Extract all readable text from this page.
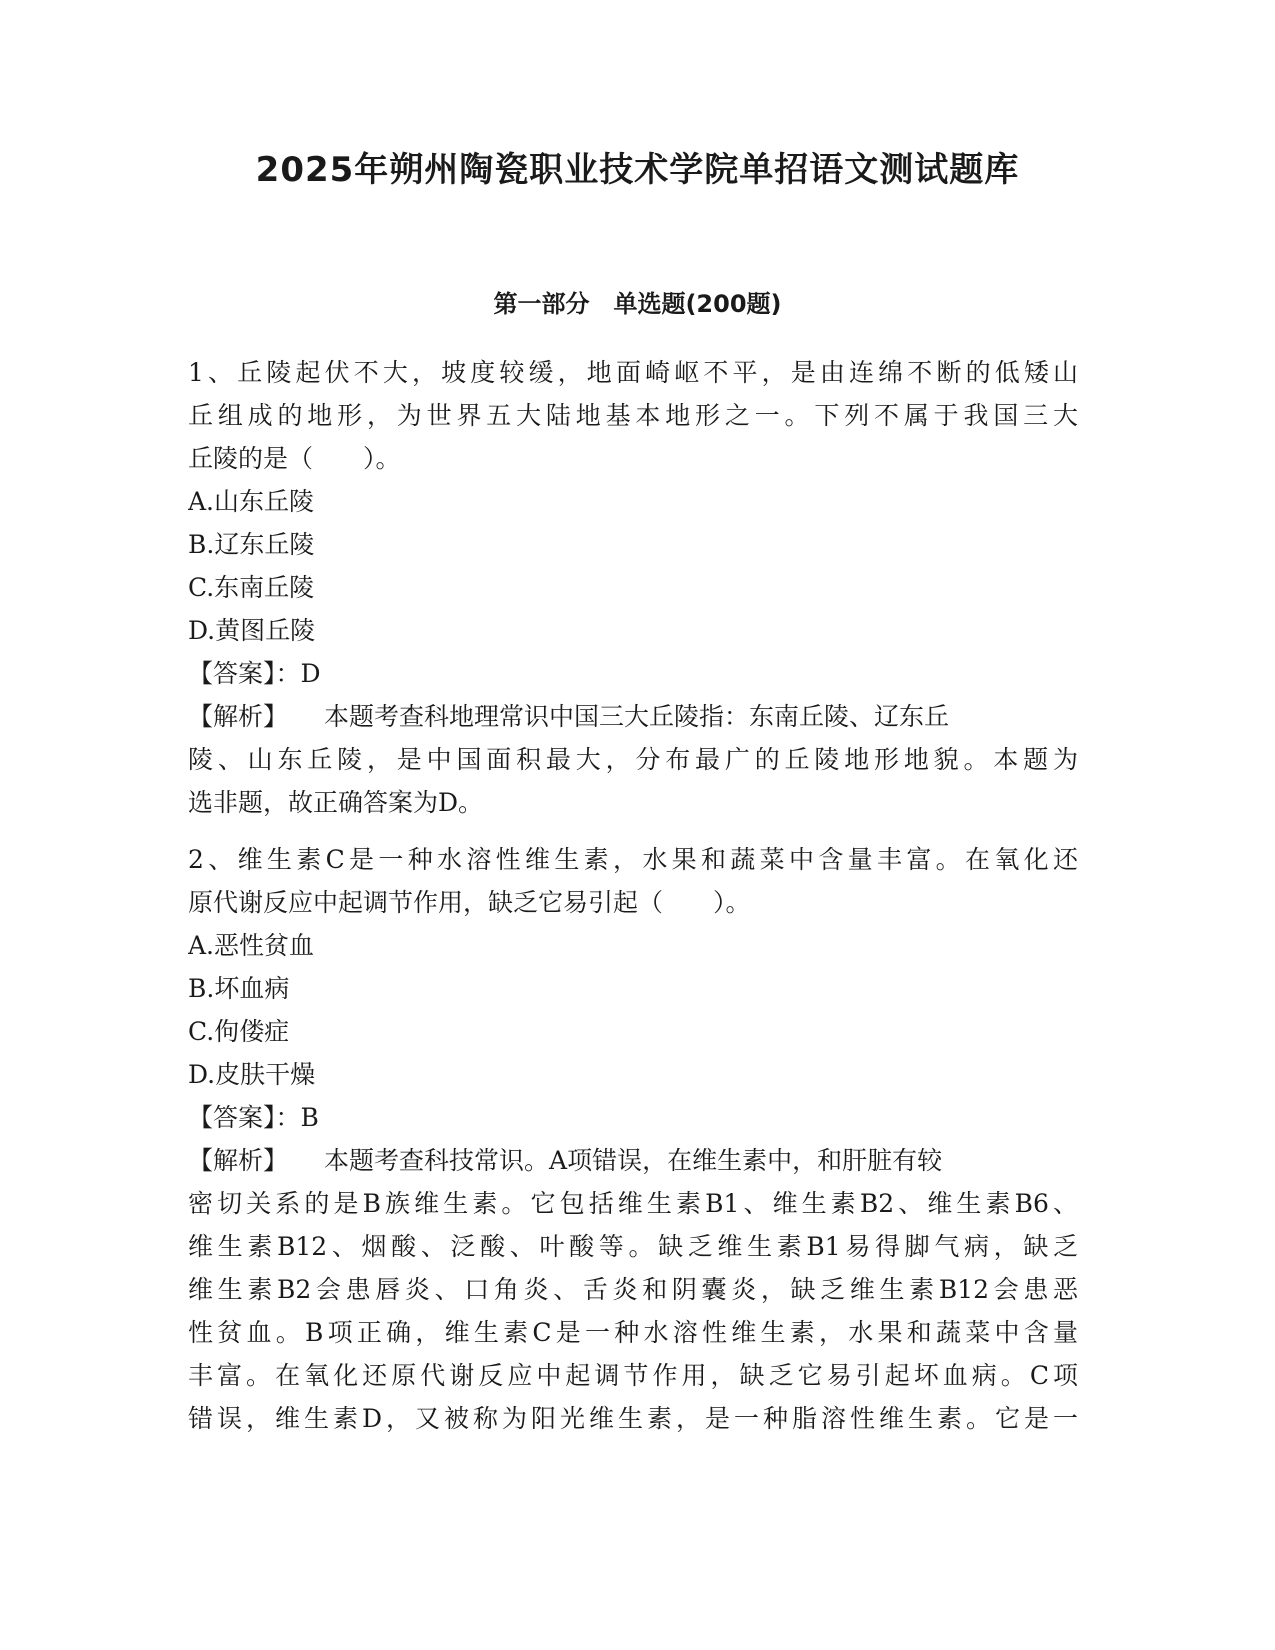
2025年朔州陶瓷职业技术学院单招语文测试题库
第一部分　单选题(200题)
1、丘陵起伏不大，坡度较缓，地面崎岖不平，是由连绵不断的低矮山
丘组成的地形，为世界五大陆地基本地形之一。下列不属于我国三大
丘陵的是（　　）。
A.山东丘陵
B.辽东丘陵
C.东南丘陵
D.黄图丘陵
【答案】：D
【解析】 本题考查科地理常识中国三大丘陵指：东南丘陵、辽东丘
陵、山东丘陵，是中国面积最大，分布最广的丘陵地形地貌。本题为
选非题，故正确答案为D。
2、维生素C是一种水溶性维生素，水果和蔬菜中含量丰富。在氧化还
原代谢反应中起调节作用，缺乏它易引起（　　）。
A.恶性贫血
B.坏血病
C.佝偻症
D.皮肤干燥
【答案】：B
【解析】 本题考查科技常识。A项错误，在维生素中，和肝脏有较
密切关系的是B族维生素。它包括维生素B1、维生素B2、维生素B6、
维生素B12、烟酸、泛酸、叶酸等。缺乏维生素B1易得脚气病，缺乏
维生素B2会患唇炎、口角炎、舌炎和阴囊炎，缺乏维生素B12会患恶
性贫血。B项正确，维生素C是一种水溶性维生素，水果和蔬菜中含量
丰富。在氧化还原代谢反应中起调节作用，缺乏它易引起坏血病。C项
错误，维生素D，又被称为阳光维生素，是一种脂溶性维生素。它是一
